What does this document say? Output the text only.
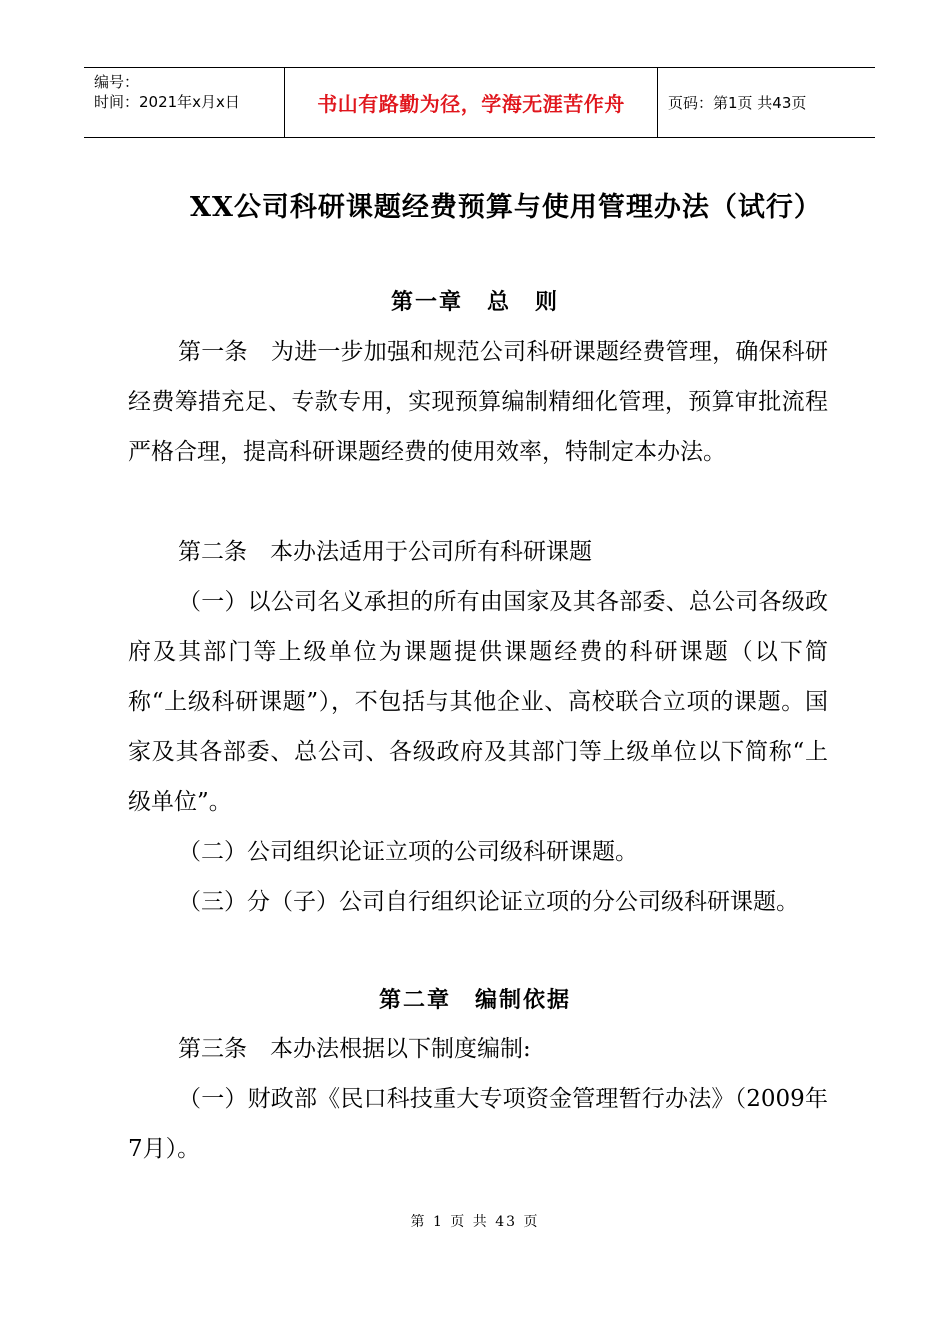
编号：
时间：2021年x月x日	书山有路勤为径，学海无涯苦作舟	页码：第1页 共43页
XX公司科研课题经费预算与使用管理办法（试行）
第一章　总　则
第一条　为进一步加强和规范公司科研课题经费管理，确保科研经费筹措充足、专款专用，实现预算编制精细化管理，预算审批流程严格合理，提高科研课题经费的使用效率，特制定本办法。
第二条　本办法适用于公司所有科研课题
（一）以公司名义承担的所有由国家及其各部委、总公司各级政府及其部门等上级单位为课题提供课题经费的科研课题（以下简称“上级科研课题”），不包括与其他企业、高校联合立项的课题。国家及其各部委、总公司、各级政府及其部门等上级单位以下简称“上级单位”。
（二）公司组织论证立项的公司级科研课题。
（三）分（子）公司自行组织论证立项的分公司级科研课题。
第二章　编制依据
第三条　本办法根据以下制度编制:
（一）财政部《民口科技重大专项资金管理暂行办法》（2009年7月）。
第 1 页 共 43 页
